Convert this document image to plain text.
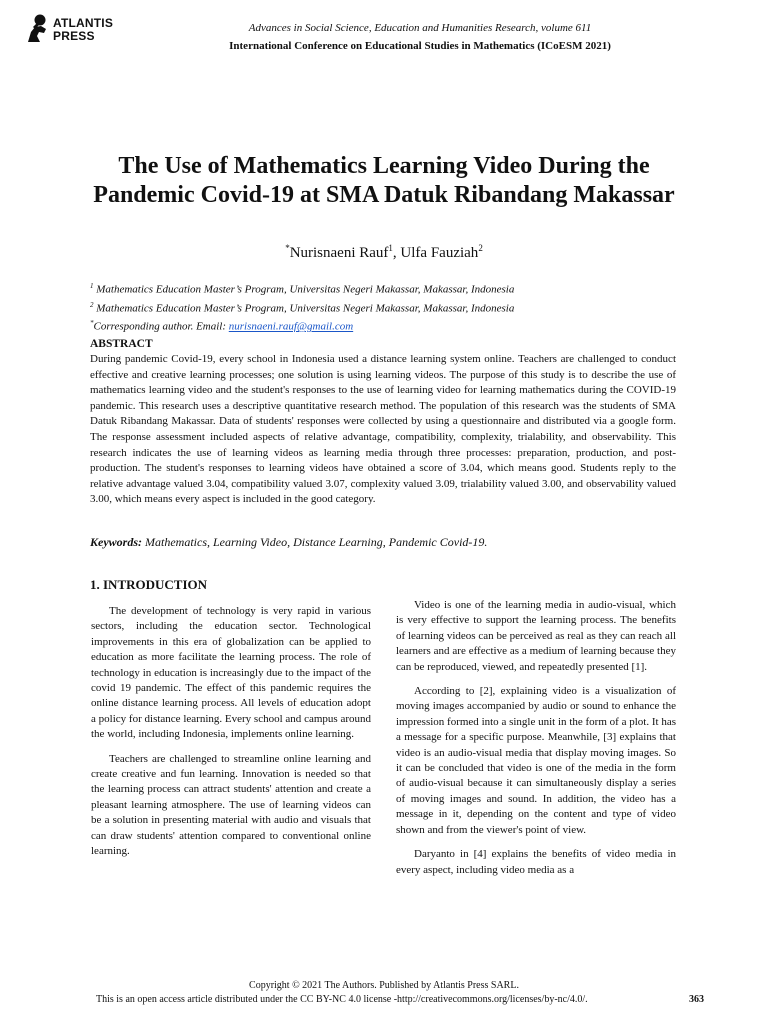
ATLANTIS
PRESS
Advances in Social Science, Education and Humanities Research, volume 611
International Conference on Educational Studies in Mathematics (ICoESM 2021)
The Use of Mathematics Learning Video During the Pandemic Covid-19 at SMA Datuk Ribandang Makassar
*Nurisnaeni Rauf$^1$, Ulfa Fauziah$^2$
$^1$ Mathematics Education Master’s Program, Universitas Negeri Makassar, Makassar, Indonesia
$^2$ Mathematics Education Master’s Program, Universitas Negeri Makassar, Makassar, Indonesia
*Corresponding author. Email: nurisnaeni.rauf@gmail.com
ABSTRACT

During pandemic Covid-19, every school in Indonesia used a distance learning system online. Teachers are challenged to conduct effective and creative learning processes; one solution is using learning videos. The purpose of this study is to describe the use of mathematics learning video and the student's responses to the use of learning video for learning mathematics during the COVID-19 pandemic. This research uses a descriptive quantitative research method. The population of this research was the students of SMA Datuk Ribandang Makassar. Data of students' responses were collected by using a questionnaire and distributed via a google form. The response assessment included aspects of relative advantage, compatibility, complexity, trialability, and observability. This research indicates the use of learning videos as learning media through three processes: preparation, production, and post-production. The student's responses to learning videos have obtained a score of 3.04, which means good. Students reply to the relative advantage valued 3.04, compatibility valued 3.07, complexity valued 3.09, trialability valued 3.00, and observability valued 3.00, which means every aspect is included in the good category.

Keywords: Mathematics, Learning Video, Distance Learning, Pandemic Covid-19.
1. INTRODUCTION

The development of technology is very rapid in various sectors, including the education sector. Technological improvements in this era of globalization can be applied to education as more facilitate the learning process. The role of technology in education is increasingly due to the impact of the covid 19 pandemic. The effect of this pandemic requires the online distance learning process. All levels of education adopt a policy for distance learning. Every school and campus around the world, including Indonesia, implements online learning.

Teachers are challenged to streamline online learning and create creative and fun learning. Innovation is needed so that the learning process can attract students' attention and create a pleasant learning atmosphere. The use of learning videos can be a solution in presenting material with audio and visuals that can draw students' attention compared to conventional online learning.

Video is one of the learning media in audio-visual, which is very effective to support the learning process. The benefits of learning videos can be perceived as real as they can reach all learners and are effective as a medium of learning because they can be reproduced, viewed, and repeatedly presented [1].

According to [2], explaining video is a visualization of moving images accompanied by audio or sound to enhance the impression formed into a single unit in the form of a plot. It has a message for a specific purpose. Meanwhile, [3] explains that video is an audio-visual media that display moving images. So it can be concluded that video is one of the media in the form of audio-visual because it can simultaneously display a series of moving images and sound. In addition, the video has a message in it, depending on the content and type of video shown and from the viewer's point of view.

Daryanto in [4] explains the benefits of video media in every aspect, including video media as a

Copyright © 2021 The Authors. Published by Atlantis Press SARL.
This is an open access article distributed under the CC BY-NC 4.0 license -http://creativecommons.org/licenses/by-nc/4.0/.	363
